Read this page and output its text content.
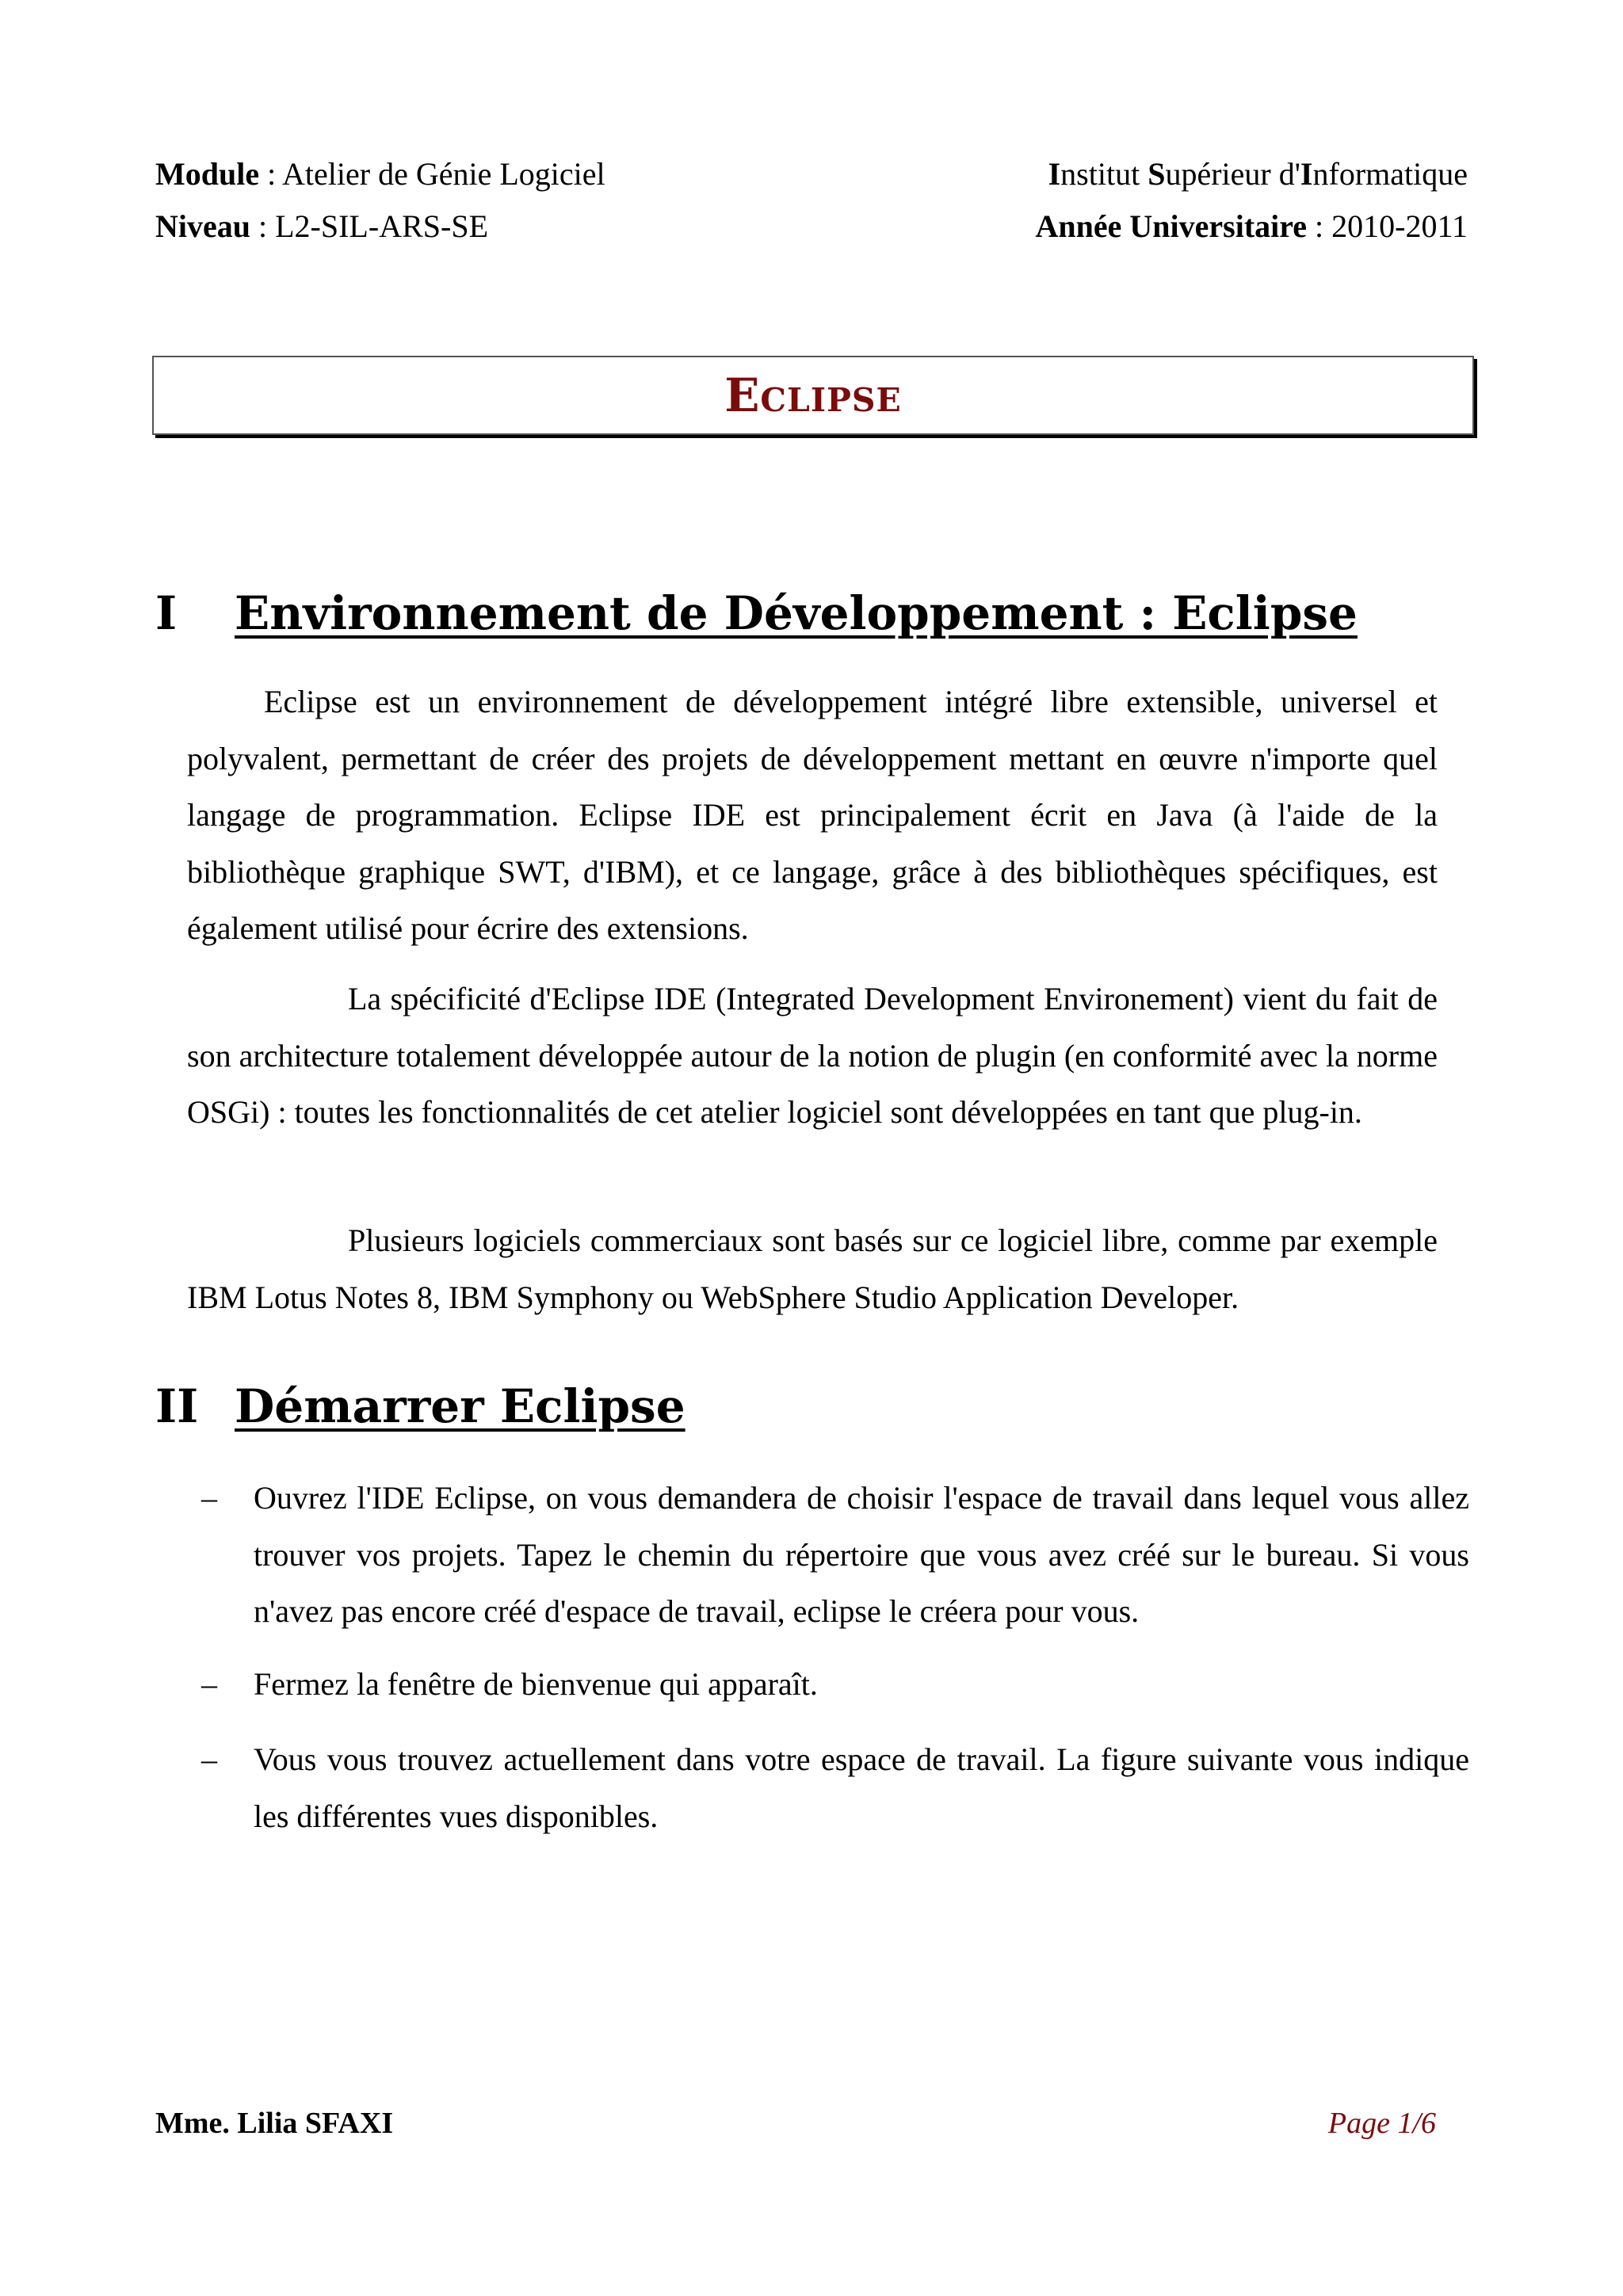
Module : Atelier de Génie Logiciel
Niveau : L2-SIL-ARS-SE
Institut Supérieur d'Informatique
Année Universitaire : 2010-2011
Eclipse
I Environnement de Développement : Eclipse
Eclipse est un environnement de développement intégré libre extensible, universel et polyvalent, permettant de créer des projets de développement mettant en œuvre n'importe quel langage de programmation. Eclipse IDE est principalement écrit en Java (à l'aide de la bibliothèque graphique SWT, d'IBM), et ce langage, grâce à des bibliothèques spécifiques, est également utilisé pour écrire des extensions.
La spécificité d'Eclipse IDE (Integrated Development Environement) vient du fait de son architecture totalement développée autour de la notion de plugin (en conformité avec la norme OSGi) : toutes les fonctionnalités de cet atelier logiciel sont développées en tant que plug-in.
Plusieurs logiciels commerciaux sont basés sur ce logiciel libre, comme par exemple IBM Lotus Notes 8, IBM Symphony ou WebSphere Studio Application Developer.
II Démarrer Eclipse
–	Ouvrez l'IDE Eclipse, on vous demandera de choisir l'espace de travail dans lequel vous allez trouver vos projets. Tapez le chemin du répertoire que vous avez créé sur le bureau. Si vous n'avez pas encore créé d'espace de travail, eclipse le créera pour vous.
–	Fermez la fenêtre de bienvenue qui apparaît.
–	Vous vous trouvez actuellement dans votre espace de travail. La figure suivante vous indique les différentes vues disponibles.
Mme. Lilia SFAXI	Page 1/6
